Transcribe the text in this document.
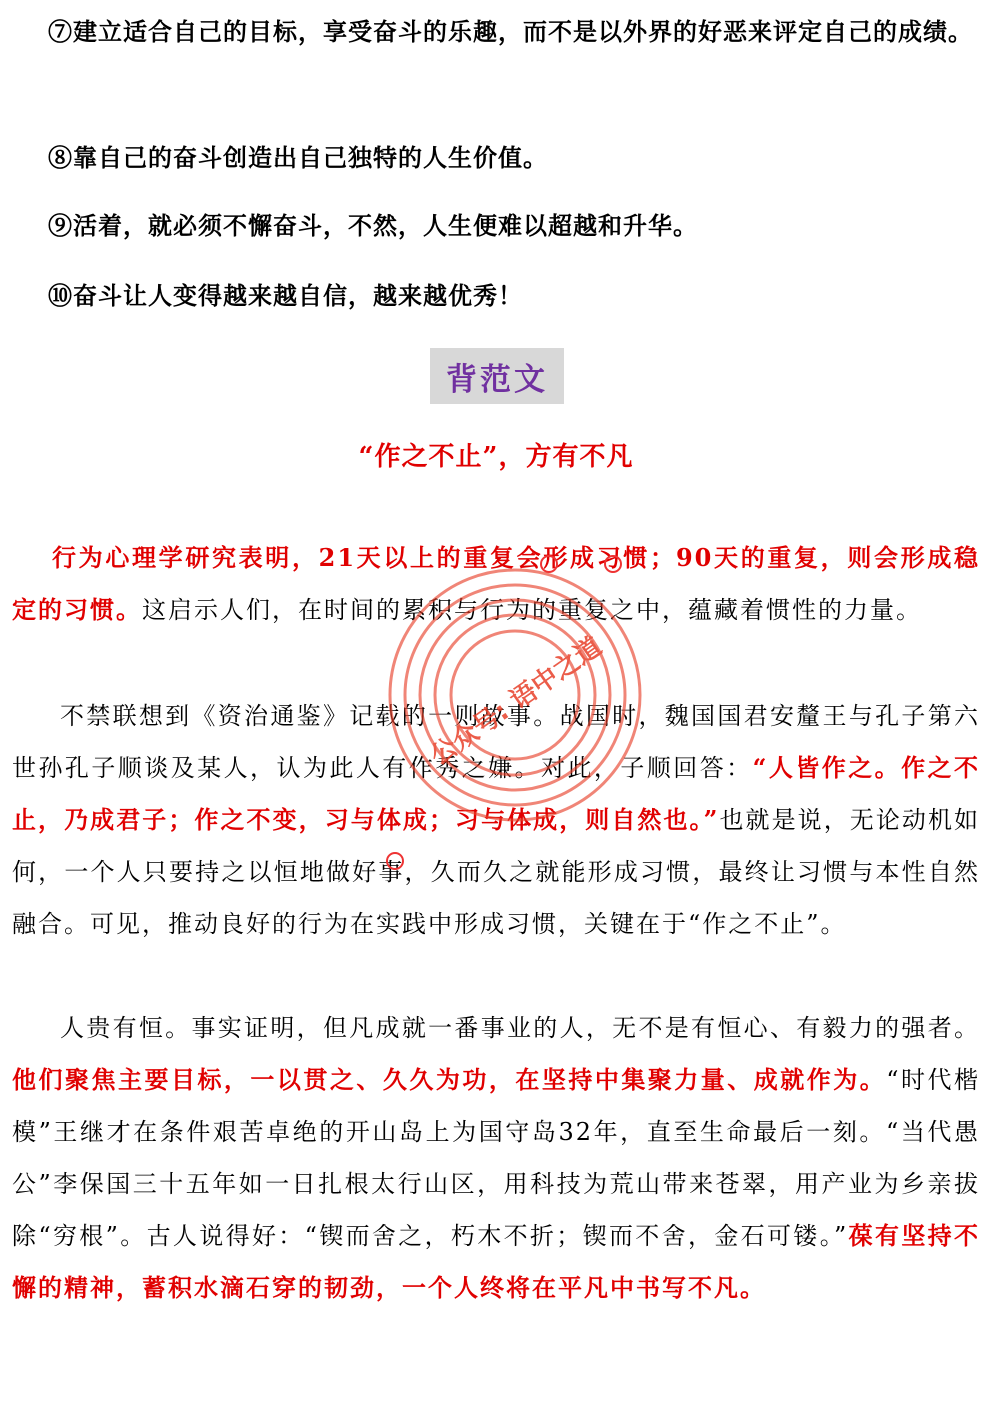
⑦建立适合自己的目标，享受奋斗的乐趣，而不是以外界的好恶来评定自己的成绩。
⑧靠自己的奋斗创造出自己独特的人生价值。
⑨活着，就必须不懈奋斗，不然，人生便难以超越和升华。
⑩奋斗让人变得越来越自信，越来越优秀！
背范文
“作之不止”，方有不凡

行为心理学研究表明，21天以上的重复会形成习惯；90天的重复，则会形成稳定的习惯。这启示人们，在时间的累积与行为的重复之中，蕴藏着惯性的力量。

不禁联想到《资治通鉴》记载的一则故事。战国时，魏国国君安釐王与孔子第六世孙孔子顺谈及某人，认为此人有作秀之嫌。对此，子顺回答：“人皆作之。作之不止，乃成君子；作之不变，习与体成；习与体成，则自然也。”也就是说，无论动机如何，一个人只要持之以恒地做好事，久而久之就能形成习惯，最终让习惯与本性自然融合。可见，推动良好的行为在实践中形成习惯，关键在于“作之不止”。

人贵有恒。事实证明，但凡成就一番事业的人，无不是有恒心、有毅力的强者。他们聚焦主要目标，一以贯之、久久为功，在坚持中集聚力量、成就作为。“时代楷模”王继才在条件艰苦卓绝的开山岛上为国守岛32年，直至生命最后一刻。“当代愚公”李保国三十五年如一日扎根太行山区，用科技为荒山带来苍翠，用产业为乡亲拔除“穷根”。古人说得好：“锲而舍之，朽木不折；锲而不舍，金石可镂。”葆有坚持不懈的精神，蓄积水滴石穿的韧劲，一个人终将在平凡中书写不凡。

公众号: 语中之道
